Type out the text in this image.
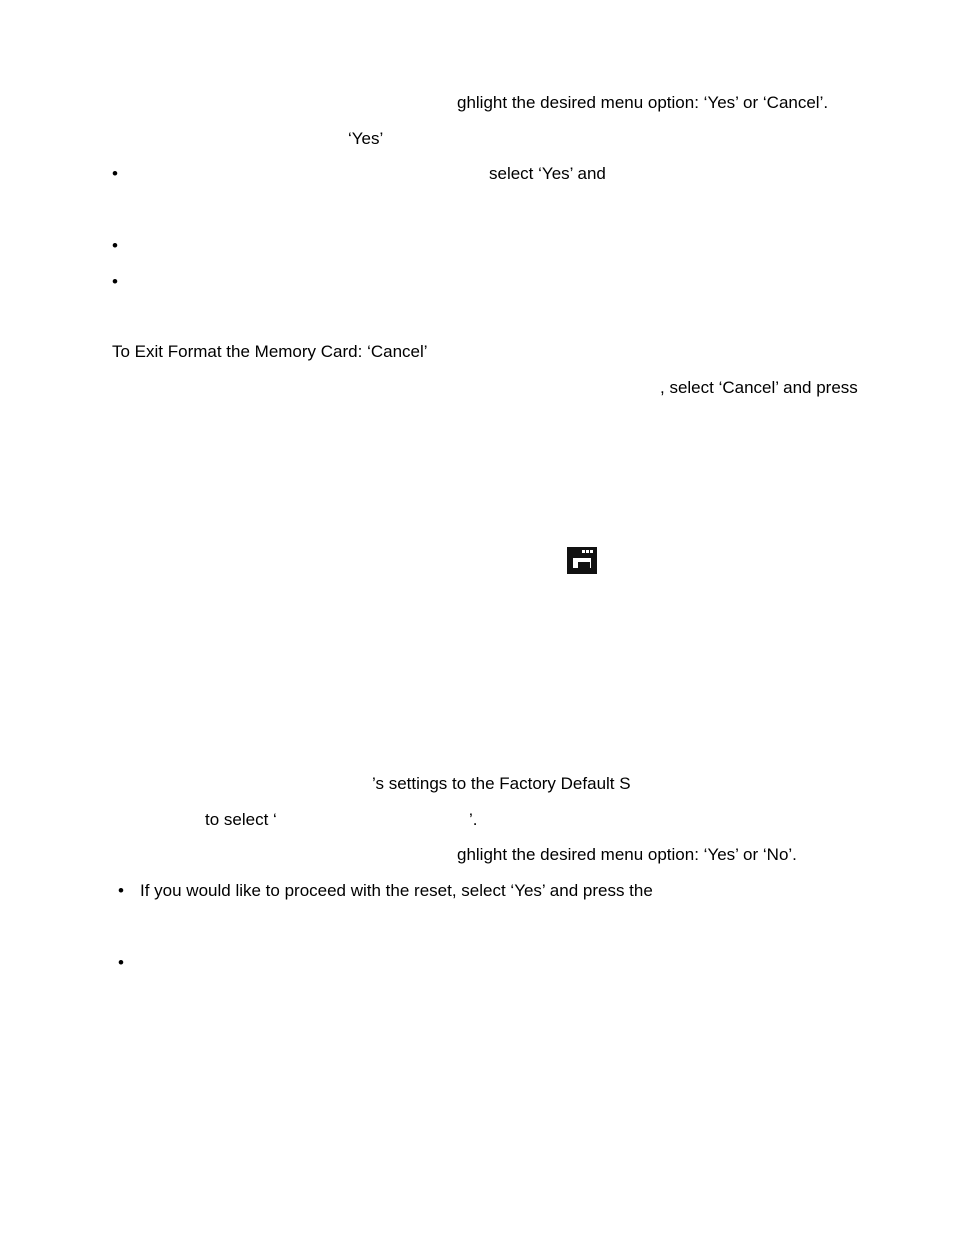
ghlight the desired menu option: ‘Yes’ or ‘Cancel’.
‘Yes’
•	select ‘Yes’ and
•
•
To Exit Format the Memory Card: ‘Cancel’
, select ‘Cancel’ and press
’s settings to the Factory Default S
to select ‘	’.
ghlight the desired menu option: ‘Yes’ or ‘No’.
• If you would like to proceed with the reset, select ‘Yes’ and press the
•
